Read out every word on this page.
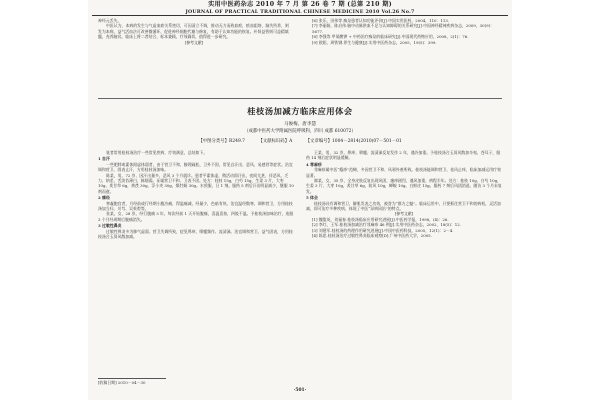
实用中医药杂志 2010 年 7 月 第 26 卷 7 期 (总第 210 期)
JOURNAL OF PRACTICAL TRADITIONAL CHINESE MEDICINE 2010 Vol.26 No.7

神经元丢失。

中医认为，本病的发生与气虚血瘀关系密切，可因清立不调，推动无力而致血瘀，瘀血阻络，脑失所养，则发为本病。益气活血法可改善微循环、促进神经细胞代谢与修复，有助于认知功能的恢复。补肾益智则可益精填髓，充养脑窍。临床上将二者结合，标本兼顾，疗效确切，值得进一步研究。

[参考文献]

[6] 张乐，田伟等.痴呆患者认知功能评价[J].中国实用医药，2004，110：113.

[7] 李丽娟，陈启伟.脑中动脉供血不足与认知障碍的关系研究[J].中国神经精神疾病杂志，2009，30(9)：5677.

[8] 李强等.甲氧酸钾 + 中药治疗痴呆的临床研究[J].中国现代药物应用，2008，2(1)：76.

[9] 欧阳，周铁钢.养生与健康[J].实用中医药杂志，2005，19(5)：399.

桂枝汤加减方临床应用体会
马俊梅，唐李慧
（成都中医药大学附属医院呼吸科，四川 成都 610072）
【中图分类号】R249.7	【文献标识码】A	【文章编号】1004－2814(2010)07－501－01

笔者常用桂枝汤治疗一些常见疾病，疗效满意，总结如下。

1 自汗

一些肥胖或素体阳虚体弱者，由于营卫不和，腠理疏松，卫外不固，常见自汗出、恶风、易感冒等症状。治宜调和营卫、固表止汗，方用桂枝汤加味。

陈某，男，72 岁，因汗出量多、恶风 3 个月就诊。患者平素体虚，稍活动即汗出，夜间尤甚，伴恶风、乏力、纳差，舌淡苔薄白，脉细弱。证属营卫不和、卫表不固。处方：桂枝 15g，白芍 15g，生姜 3 片，大枣 10g，炙甘草 6g，黄芪 30g，浮小麦 30g，煅牡蛎 30g。水煎服，日 1 剂。服药 5 剂后汗出明显减少，继服 10 剂而愈。

2 痛经

寒凝胞宫者，月经前或行经期小腹冷痛，得温痛减，经量少，色暗有块。治宜温经散寒、调和营卫，方用桂枝汤加当归、川芎、吴茱萸等。

张某，女，28 岁。经行腹痛 3 年，每次经前 1 天开始腹痛，喜温喜按，四肢不温。予桂枝汤加味治疗，连服 3 个月经周期后腹痛消失。

3 过敏性鼻炎

过敏性鼻炎多为肺气虚弱、营卫失调所致，症见鼻痒、喷嚏频作、流清涕。治宜调和营卫、益气固表，方用桂枝汤合玉屏风散加减。

王某，男，32 岁，鼻痒、喷嚏、流清涕反复发作 2 年，遇冷加重。予桂枝汤合玉屏风散加辛夷、苍耳子，服药 14 剂后症状明显缓解。

4 荨麻疹

荨麻疹属中医“瘾疹”范畴，多因营卫不和、风邪外袭所致。桂枝汤能调和营卫、祛风止痒，临床加减运用疗效显著。

廖某，女，35 岁，全身皮肤反复出现风团，瘙痒剧烈，遇风加重，病程半年。处方：桂枝 10g，白芍 10g，生姜 3 片，大枣 10g，炙甘草 6g，防风 10g，蝉蜕 10g，白鲜皮 15g。服药 7 剂后风团消退，随访 3 个月未复发。

5 体会

桂枝汤具有调和营卫、解肌发表之功效，被誉为“群方之魁”。临床运用中，只要抓住营卫不和的病机，灵活加减，即可治疗多种疾病，体现了中医“异病同治”的特点。

[参考文献]

[1] 魏俊英，刘福春.桂枝汤临床应用研究进展[J].中医药学报，1998，(4)：26.

[2] 李红，王军.桂枝汤加减治疗荨麻疹 46 例[J].实用中医药杂志，2002，18(5)：12.

[3] 刘建军.桂枝汤的药理作用研究进展[J].中国中医药科技，2005，12(1)：2－4.

[4] 陈思.桂枝汤治疗过敏性鼻炎临床观察[D].广州中医药大学，2005.

[收稿日期] 2010－04－30
·501·
